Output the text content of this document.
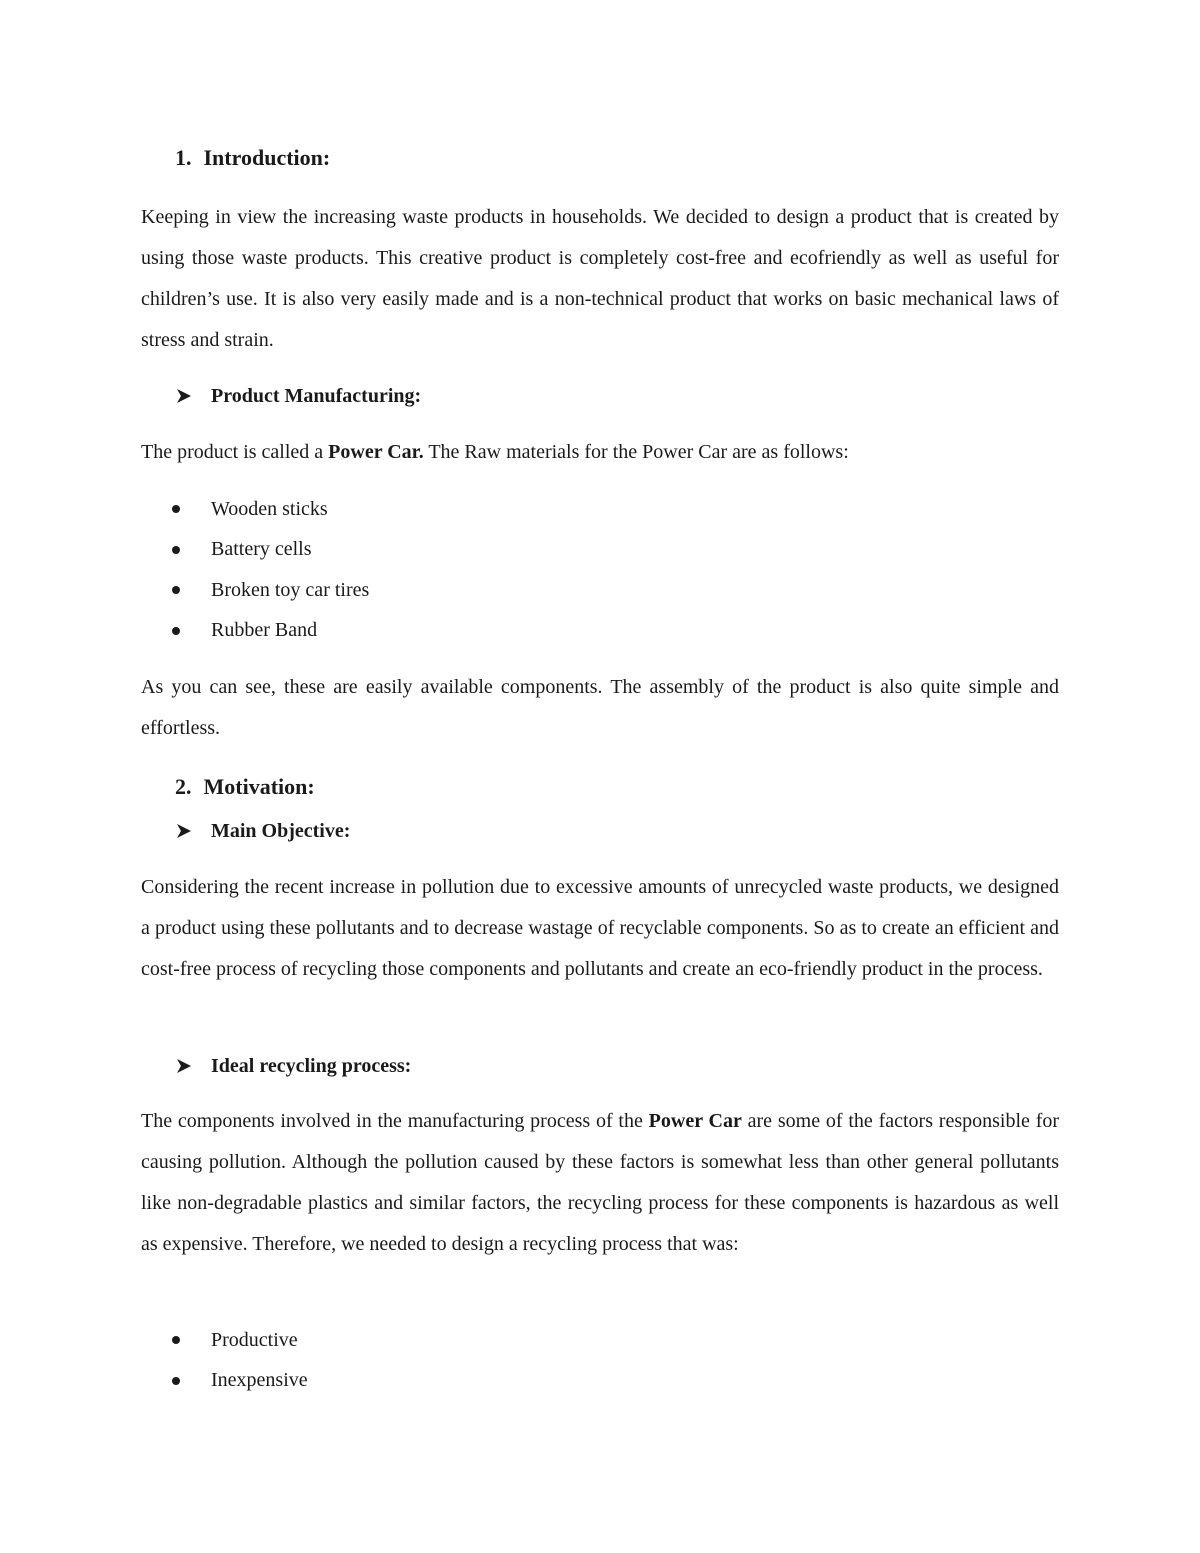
1. Introduction:

Keeping in view the increasing waste products in households. We decided to design a product that is created by using those waste products. This creative product is completely cost-free and ecofriendly as well as useful for children’s use. It is also very easily made and is a non-technical product that works on basic mechanical laws of stress and strain.

Product Manufacturing:

The product is called a Power Car. The Raw materials for the Power Car are as follows:

Wooden sticks
Battery cells
Broken toy car tires
Rubber Band

As you can see, these are easily available components. The assembly of the product is also quite simple and effortless.

2. Motivation:
Main Objective:

Considering the recent increase in pollution due to excessive amounts of unrecycled waste products, we designed a product using these pollutants and to decrease wastage of recyclable components. So as to create an efficient and cost-free process of recycling those components and pollutants and create an eco-friendly product in the process.

Ideal recycling process:

The components involved in the manufacturing process of the Power Car are some of the factors responsible for causing pollution. Although the pollution caused by these factors is somewhat less than other general pollutants like non-degradable plastics and similar factors, the recycling process for these components is hazardous as well as expensive. Therefore, we needed to design a recycling process that was:

Productive
Inexpensive
